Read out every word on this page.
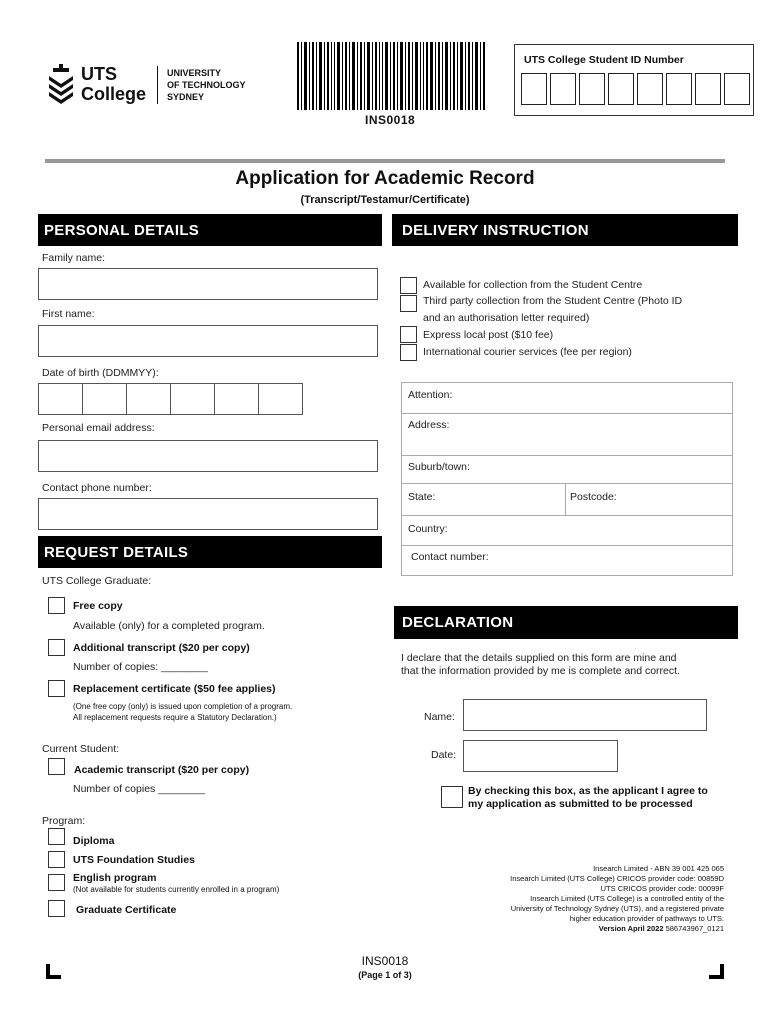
UTS
College
UNIVERSITY
OF TECHNOLOGY
SYDNEY
INS0018
UTS College Student ID Number
Application for Academic Record
(Transcript/Testamur/Certificate)
PERSONAL DETAILS
Family name:
First name:
Date of birth (DDMMYY):
Personal email address:
Contact phone number:
REQUEST DETAILS
UTS College Graduate:
Free copy
Available (only) for a completed program.
Additional transcript ($20 per copy)
Number of copies: ________
Replacement certificate ($50 fee applies)
(One free copy (only) is issued upon completion of a program.
All replacement requests require a Statutory Declaration.)
Current Student:
Academic transcript ($20 per copy)
Number of copies ________
Program:
Diploma
UTS Foundation Studies
English program
(Not available for students currently enrolled in a program)
Graduate Certificate
DELIVERY INSTRUCTION
Available for collection from the Student Centre
Third party collection from the Student Centre (Photo ID
and an authorisation letter required)
Express local post ($10 fee)
International courier services (fee per region)
Attention:
Address:
Suburb/town:
State:	Postcode:
Country:
Contact number:
DECLARATION
I declare that the details supplied on this form are mine and
that the information provided by me is complete and correct.
Name:
Date:
By checking this box, as the applicant I agree to
my application as submitted to be processed
Insearch Limited - ABN 39 001 425 065
Insearch Limited (UTS College) CRICOS provider code: 00859D
UTS CRICOS provider code: 00099F
Insearch Limited (UTS College) is a controlled entity of the
University of Technology Sydney (UTS), and a registered private
higher education provider of pathways to UTS.
Version April 2022 586743967_0121
INS0018
(Page 1 of 3)
